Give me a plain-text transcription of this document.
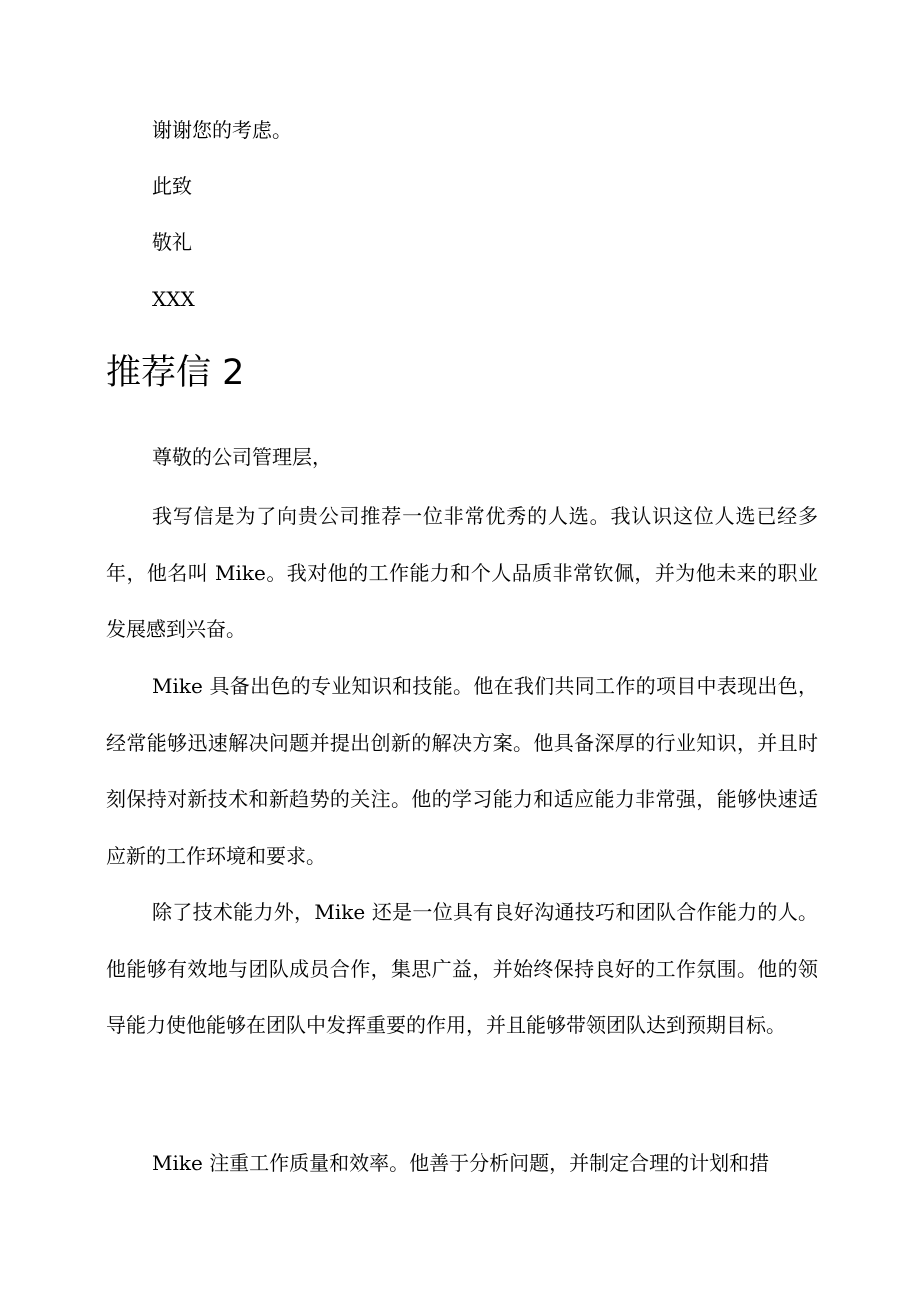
谢谢您的考虑。

此致

敬礼

XXX

推荐信 2

尊敬的公司管理层，

我写信是为了向贵公司推荐一位非常优秀的人选。我认识这位人选已经多年，他名叫 Mike。我对他的工作能力和个人品质非常钦佩，并为他未来的职业发展感到兴奋。

Mike 具备出色的专业知识和技能。他在我们共同工作的项目中表现出色，经常能够迅速解决问题并提出创新的解决方案。他具备深厚的行业知识，并且时刻保持对新技术和新趋势的关注。他的学习能力和适应能力非常强，能够快速适应新的工作环境和要求。

除了技术能力外，Mike 还是一位具有良好沟通技巧和团队合作能力的人。他能够有效地与团队成员合作，集思广益，并始终保持良好的工作氛围。他的领导能力使他能够在团队中发挥重要的作用，并且能够带领团队达到预期目标。

Mike 注重工作质量和效率。他善于分析问题，并制定合理的计划和措
